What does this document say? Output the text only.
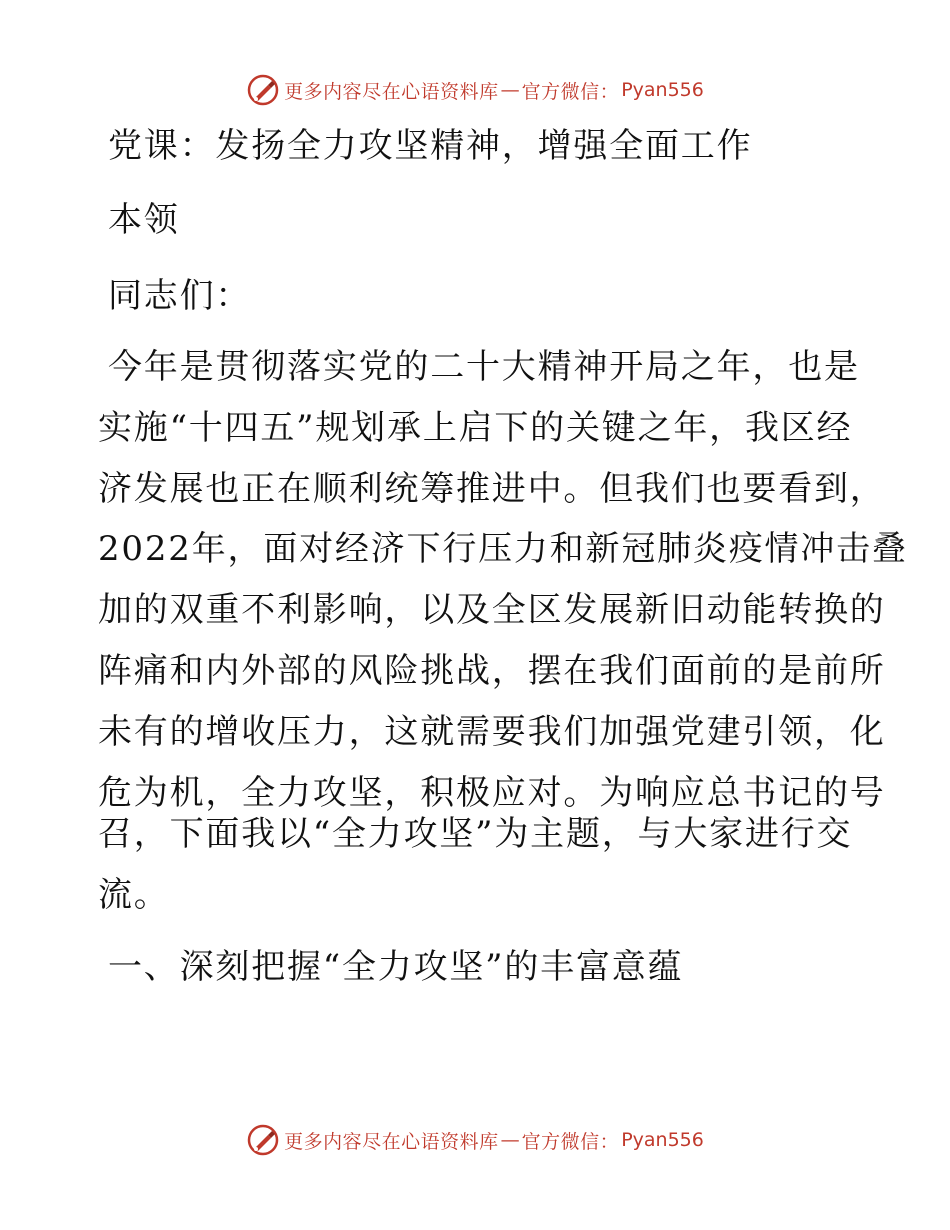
更多内容尽在心语资料库 — 官方微信： Pyan556
党课：发扬全力攻坚精神，增强全面工作
本领
同志们：
今年是贯彻落实党的二十大精神开局之年，也是
实施“十四五”规划承上启下的关键之年，我区经
济发展也正在顺利统筹推进中。但我们也要看到，
2022年，面对经济下行压力和新冠肺炎疫情冲击叠
加的双重不利影响，以及全区发展新旧动能转换的
阵痛和内外部的风险挑战，摆在我们面前的是前所
未有的增收压力，这就需要我们加强党建引领，化
危为机，全力攻坚，积极应对。为响应总书记的号
召，下面我以“全力攻坚”为主题，与大家进行交
流。
一、深刻把握“全力攻坚”的丰富意蕴
更多内容尽在心语资料库 — 官方微信： Pyan556
